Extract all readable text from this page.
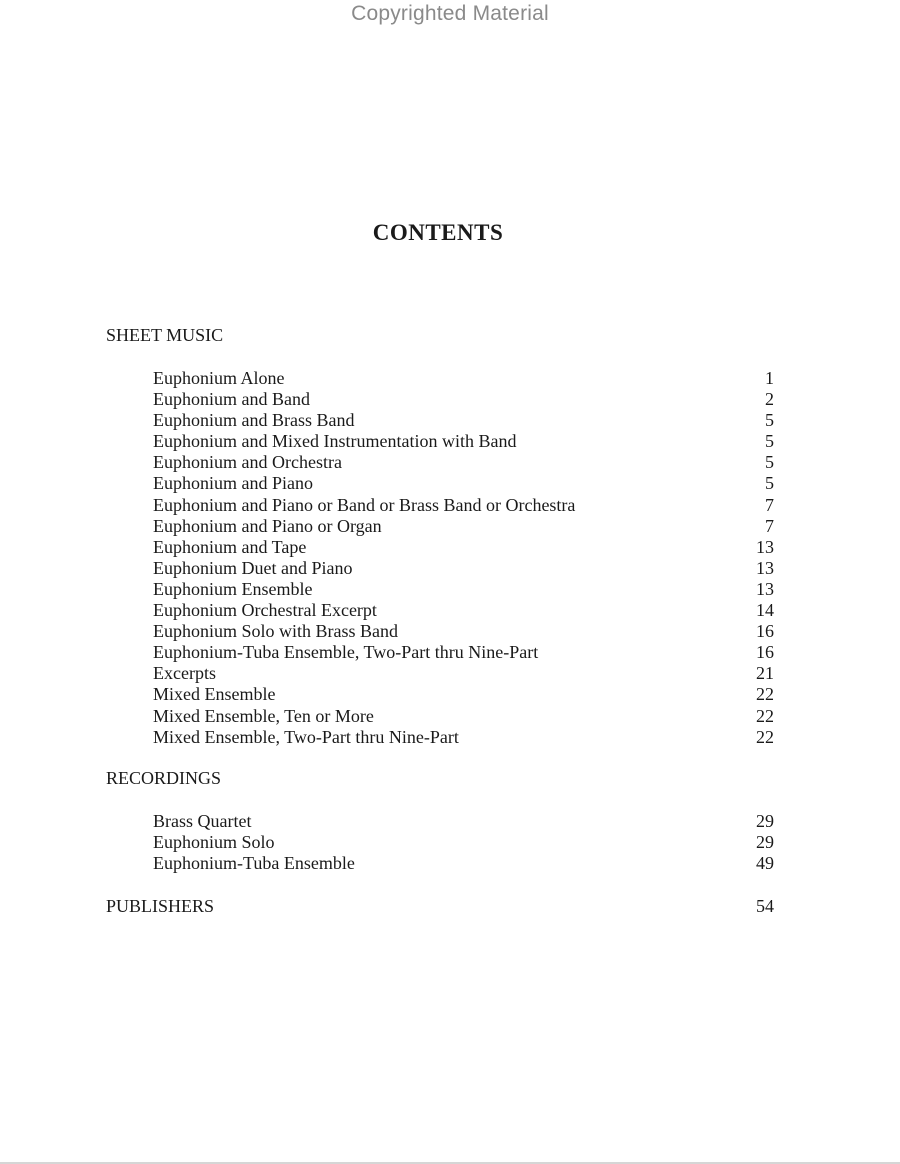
Copyrighted Material
CONTENTS
SHEET MUSIC
Euphonium Alone	1
Euphonium and Band	2
Euphonium and Brass Band	5
Euphonium and Mixed Instrumentation with Band	5
Euphonium and Orchestra	5
Euphonium and Piano	5
Euphonium and Piano or Band or Brass Band or Orchestra	7
Euphonium and Piano or Organ	7
Euphonium and Tape	13
Euphonium Duet and Piano	13
Euphonium Ensemble	13
Euphonium Orchestral Excerpt	14
Euphonium Solo with Brass Band	16
Euphonium-Tuba Ensemble, Two-Part thru Nine-Part	16
Excerpts	21
Mixed Ensemble	22
Mixed Ensemble, Ten or More	22
Mixed Ensemble, Two-Part thru Nine-Part	22
RECORDINGS
Brass Quartet	29
Euphonium Solo	29
Euphonium-Tuba Ensemble	49
PUBLISHERS	54
